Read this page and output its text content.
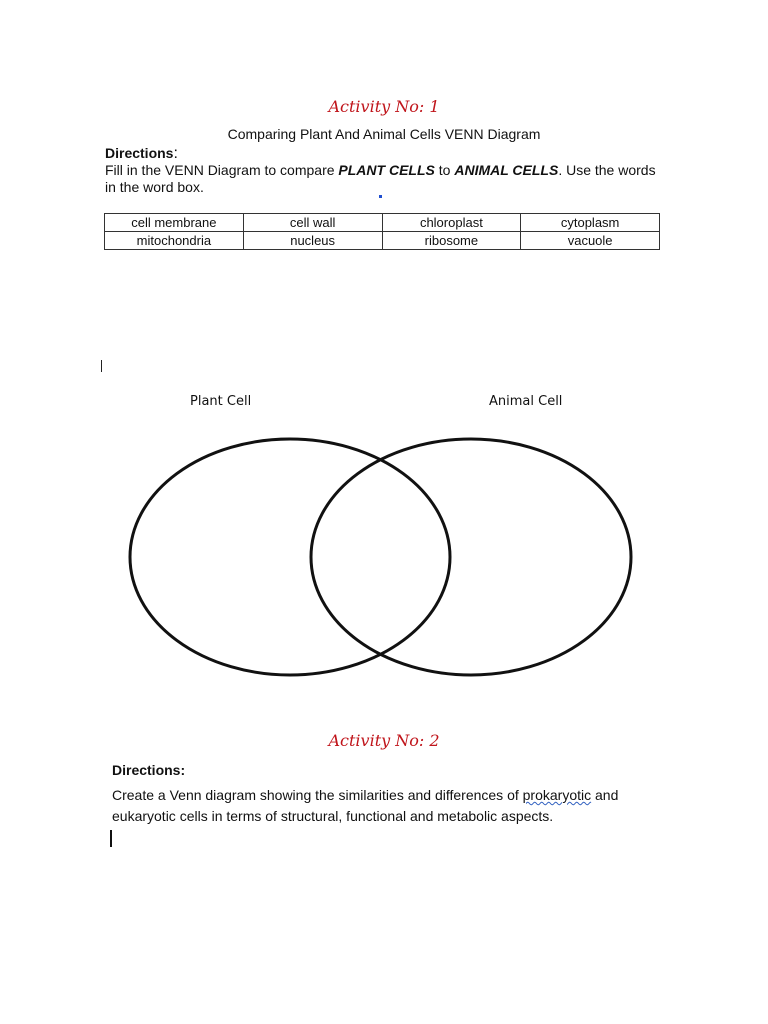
Activity No: 1
Comparing Plant And Animal Cells VENN Diagram
Directions:
Fill in the VENN Diagram to compare PLANT CELLS to ANIMAL CELLS. Use the words in the word box.
cell membrane	cell wall	chloroplast	cytoplasm
mitochondria	nucleus	ribosome	vacuole
Plant Cell	Animal Cell
Activity No: 2
Directions:
Create a Venn diagram showing the similarities and differences of prokaryotic and eukaryotic cells in terms of structural, functional and metabolic aspects.
